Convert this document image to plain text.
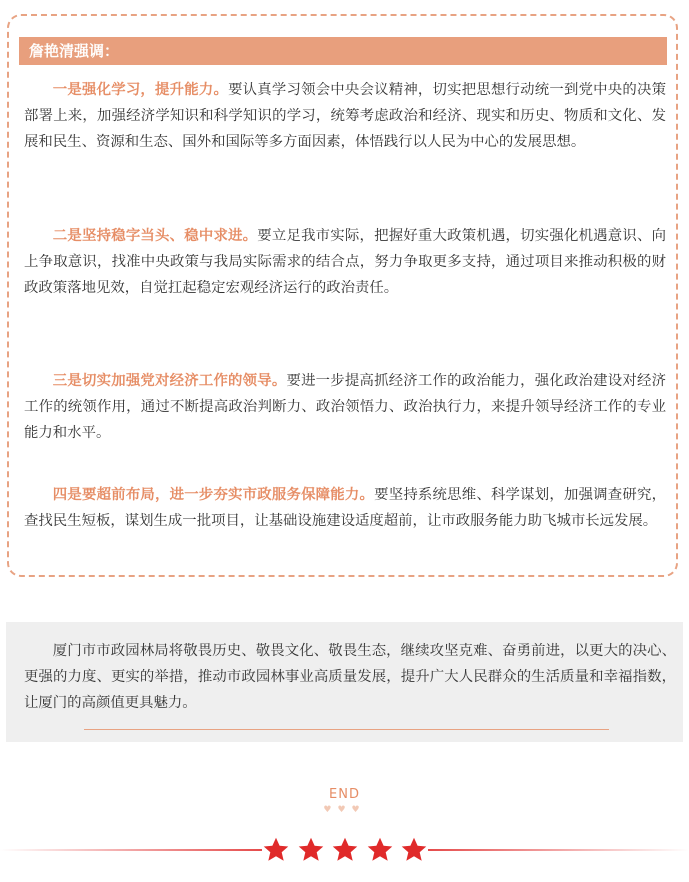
詹艳清强调：

一是强化学习，提升能力。要认真学习领会中央会议精神，切实把思想行动统一到党中央的决策部署上来，加强经济学知识和科学知识的学习，统筹考虑政治和经济、现实和历史、物质和文化、发展和民生、资源和生态、国外和国际等多方面因素，体悟践行以人民为中心的发展思想。

二是坚持稳字当头、稳中求进。要立足我市实际，把握好重大政策机遇，切实强化机遇意识、向上争取意识，找准中央政策与我局实际需求的结合点，努力争取更多支持，通过项目来推动积极的财政政策落地见效，自觉扛起稳定宏观经济运行的政治责任。

三是切实加强党对经济工作的领导。要进一步提高抓经济工作的政治能力，强化政治建设对经济工作的统领作用，通过不断提高政治判断力、政治领悟力、政治执行力，来提升领导经济工作的专业能力和水平。

四是要超前布局，进一步夯实市政服务保障能力。要坚持系统思维、科学谋划，加强调查研究，查找民生短板，谋划生成一批项目，让基础设施建设适度超前，让市政服务能力助飞城市长远发展。

厦门市市政园林局将敬畏历史、敬畏文化、敬畏生态，继续攻坚克难、奋勇前进，以更大的决心、更强的力度、更实的举措，推动市政园林事业高质量发展，提升广大人民群众的生活质量和幸福指数，让厦门的高颜值更具魅力。

END
♥♥♥
